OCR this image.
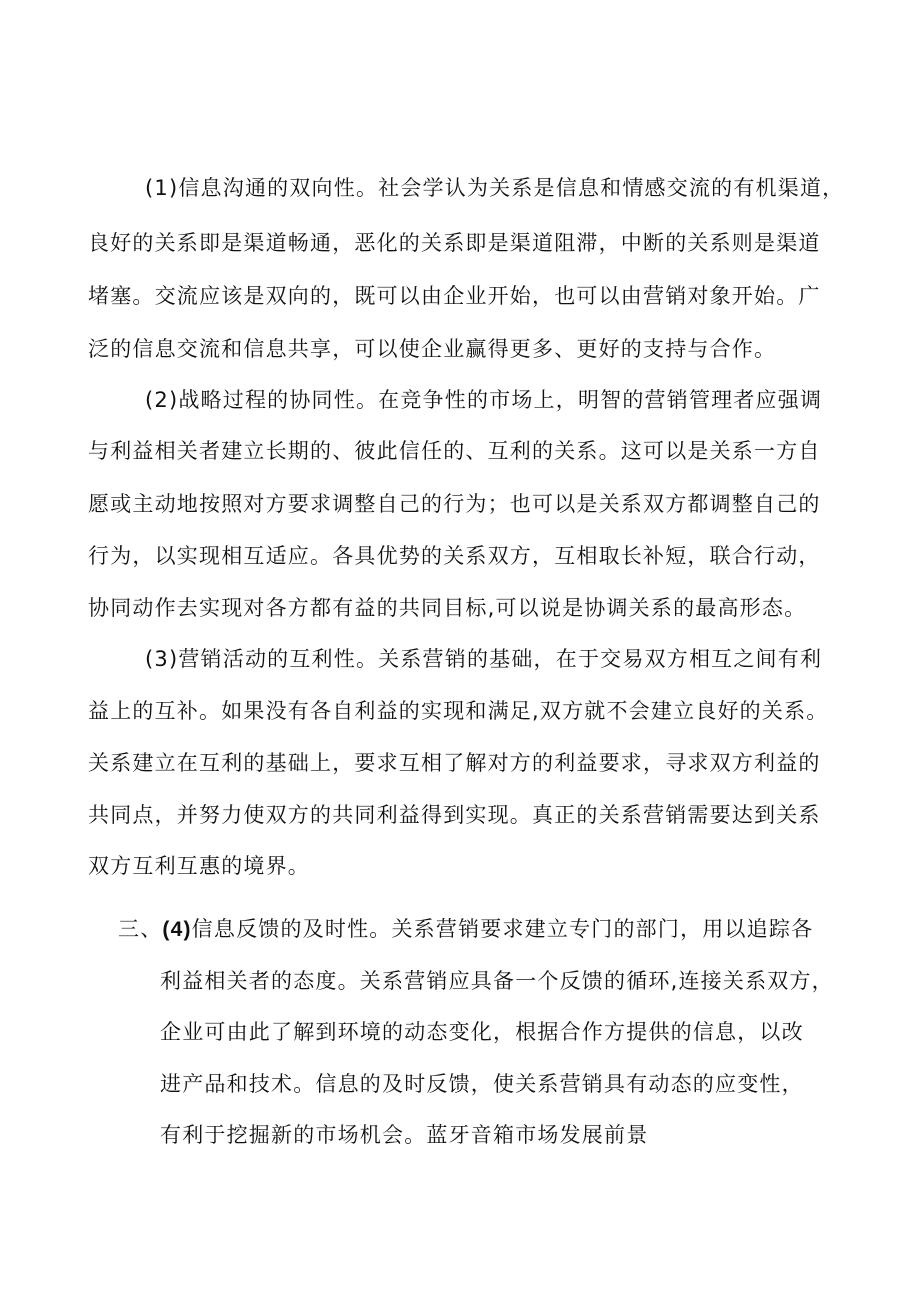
(1)信息沟通的双向性。社会学认为关系是信息和情感交流的有机渠道，
良好的关系即是渠道畅通，恶化的关系即是渠道阻滞，中断的关系则是渠道
堵塞。交流应该是双向的，既可以由企业开始，也可以由营销对象开始。广
泛的信息交流和信息共享，可以使企业赢得更多、更好的支持与合作。
(2)战略过程的协同性。在竞争性的市场上，明智的营销管理者应强调
与利益相关者建立长期的、彼此信任的、互利的关系。这可以是关系一方自
愿或主动地按照对方要求调整自己的行为；也可以是关系双方都调整自己的
行为，以实现相互适应。各具优势的关系双方，互相取长补短，联合行动，
协同动作去实现对各方都有益的共同目标,可以说是协调关系的最高形态。
(3)营销活动的互利性。关系营销的基础，在于交易双方相互之间有利
益上的互补。如果没有各自利益的实现和满足,双方就不会建立良好的关系。
关系建立在互利的基础上，要求互相了解对方的利益要求，寻求双方利益的
共同点，并努力使双方的共同利益得到实现。真正的关系营销需要达到关系
双方互利互惠的境界。
三、(4)信息反馈的及时性。关系营销要求建立专门的部门，用以追踪各
利益相关者的态度。关系营销应具备一个反馈的循环,连接关系双方，
企业可由此了解到环境的动态变化，根据合作方提供的信息，以改
进产品和技术。信息的及时反馈，使关系营销具有动态的应变性，
有利于挖掘新的市场机会。蓝牙音箱市场发展前景
